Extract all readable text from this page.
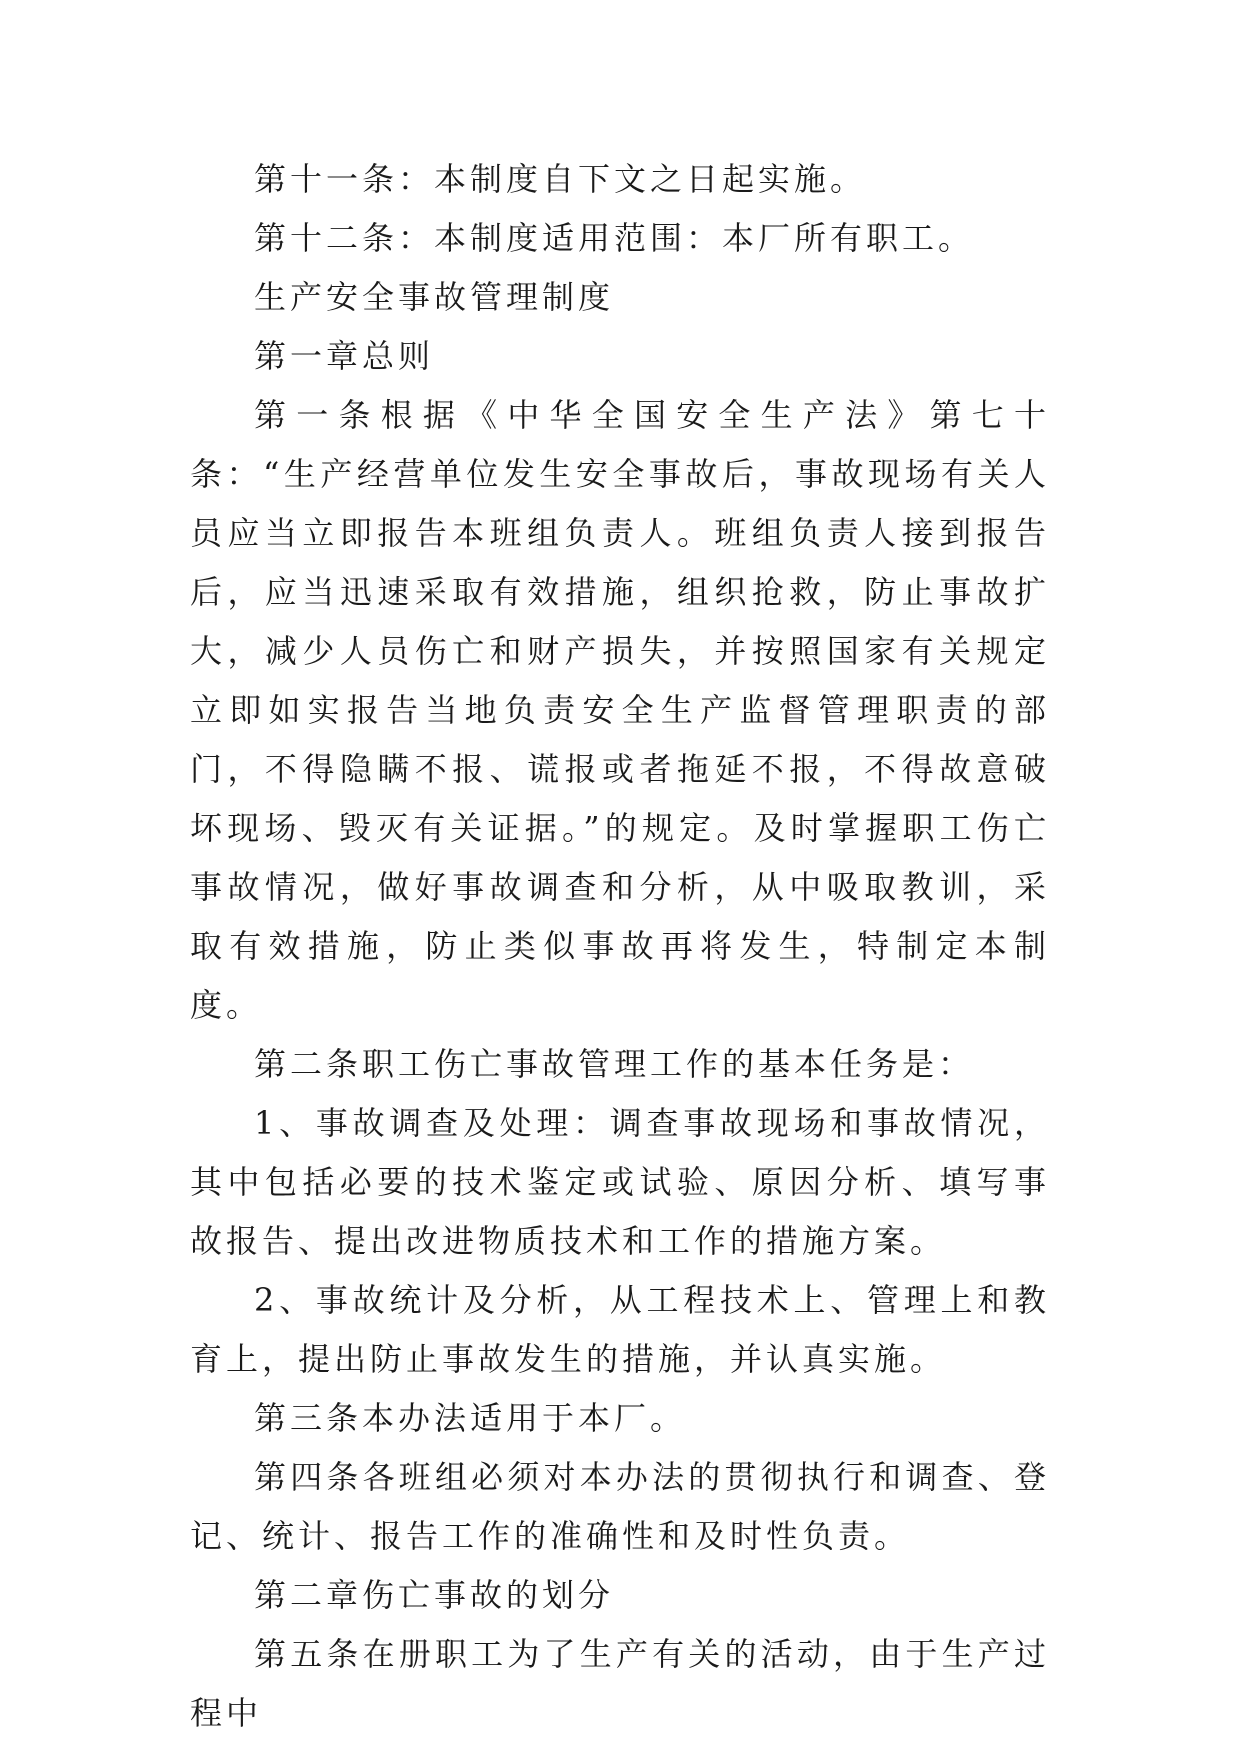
第十一条：本制度自下文之日起实施。

第十二条：本制度适用范围：本厂所有职工。

生产安全事故管理制度

第一章总则

第一条根据《中华全国安全生产法》第七十条：“生产经营单位发生安全事故后，事故现场有关人员应当立即报告本班组负责人。班组负责人接到报告后，应当迅速采取有效措施，组织抢救，防止事故扩大，减少人员伤亡和财产损失，并按照国家有关规定立即如实报告当地负责安全生产监督管理职责的部门，不得隐瞒不报、谎报或者拖延不报，不得故意破坏现场、毁灭有关证据。”的规定。及时掌握职工伤亡事故情况，做好事故调查和分析，从中吸取教训，采取有效措施，防止类似事故再将发生，特制定本制度。

第二条职工伤亡事故管理工作的基本任务是：

1、事故调查及处理：调查事故现场和事故情况，其中包括必要的技术鉴定或试验、原因分析、填写事故报告、提出改进物质技术和工作的措施方案。

2、事故统计及分析，从工程技术上、管理上和教育上，提出防止事故发生的措施，并认真实施。

第三条本办法适用于本厂。

第四条各班组必须对本办法的贯彻执行和调查、登记、统计、报告工作的准确性和及时性负责。

第二章伤亡事故的划分

第五条在册职工为了生产有关的活动，由于生产过程中
